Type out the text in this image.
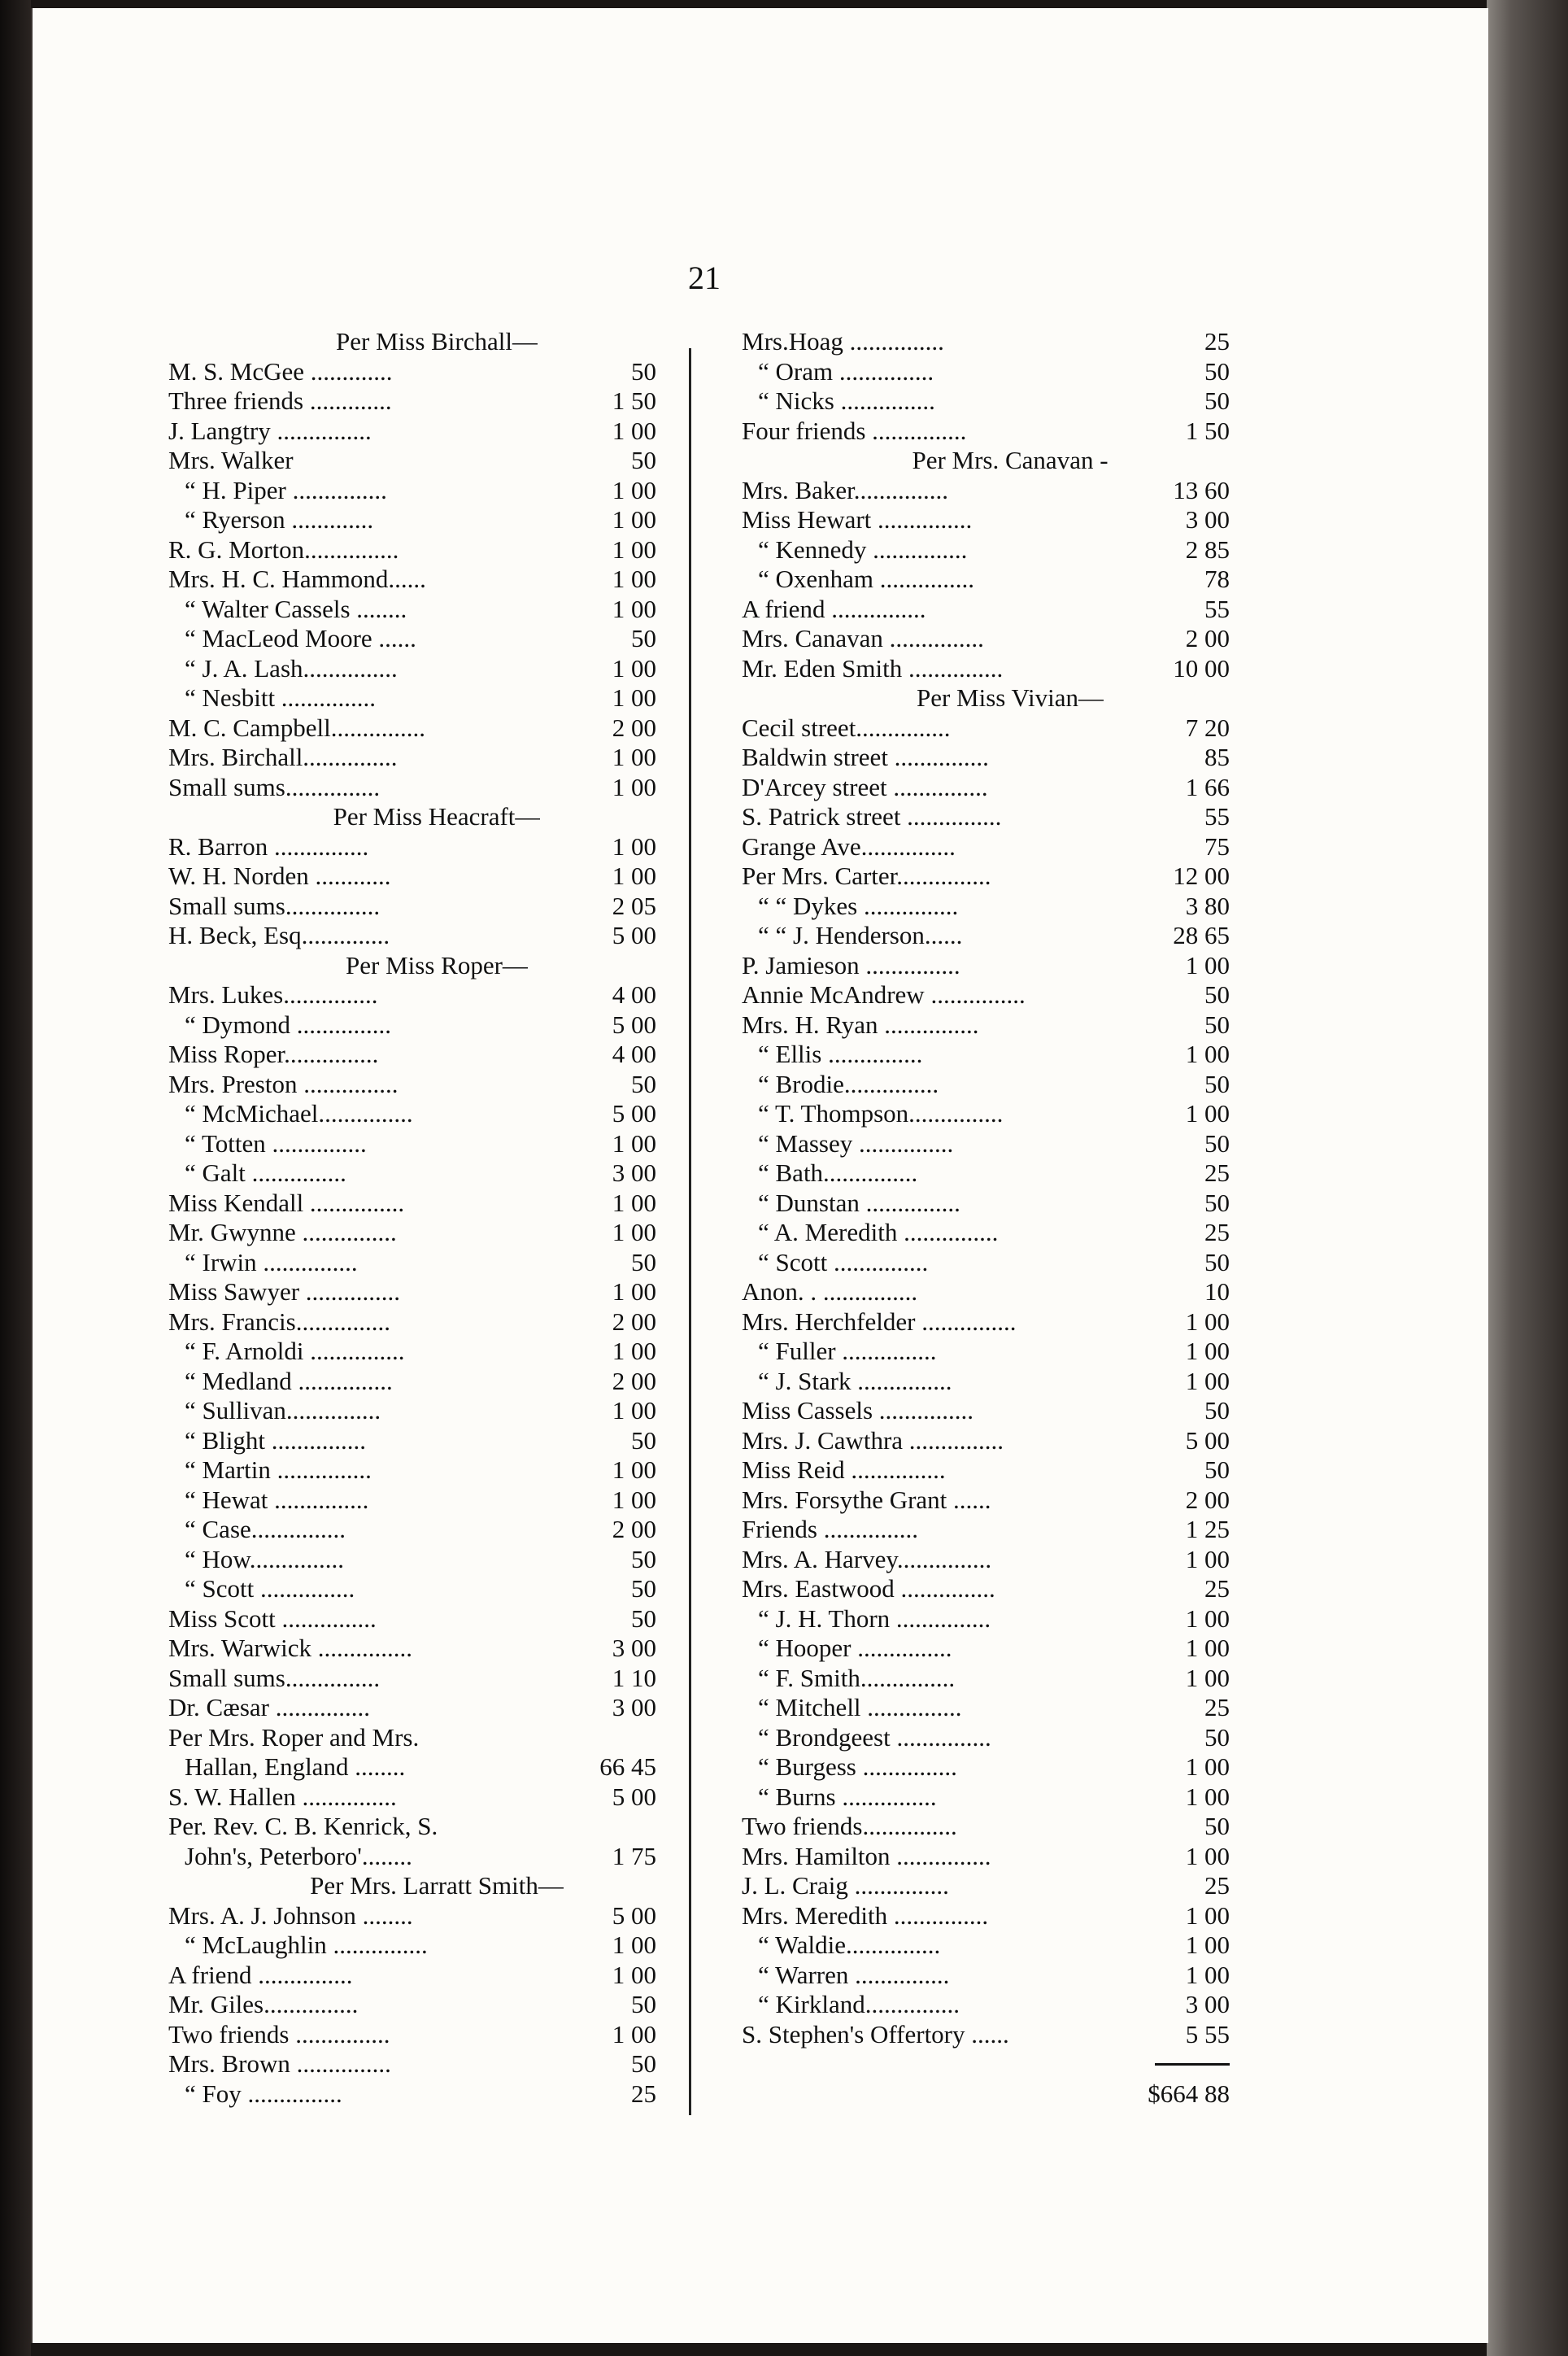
21
Per Miss Birchall—
M. S. McGee .............	50
Three friends .............	1 50
J. Langtry ...............	1 00
Mrs. Walker	50
“ H. Piper ...............	1 00
“ Ryerson .............	1 00
R. G. Morton...............	1 00
Mrs. H. C. Hammond......	1 00
“ Walter Cassels ........	1 00
“ MacLeod Moore ......	50
“ J. A. Lash...............	1 00
“ Nesbitt ...............	1 00
M. C. Campbell...............	2 00
Mrs. Birchall...............	1 00
Small sums...............	1 00
Per Miss Heacraft—
R. Barron ...............	1 00
W. H. Norden ............	1 00
Small sums...............	2 05
H. Beck, Esq..............	5 00
Per Miss Roper—
Mrs. Lukes...............	4 00
“ Dymond ...............	5 00
Miss Roper...............	4 00
Mrs. Preston ...............	50
“ McMichael...............	5 00
“ Totten ...............	1 00
“ Galt ...............	3 00
Miss Kendall ...............	1 00
Mr. Gwynne ...............	1 00
“ Irwin ...............	50
Miss Sawyer ...............	1 00
Mrs. Francis...............	2 00
“ F. Arnoldi ...............	1 00
“ Medland ...............	2 00
“ Sullivan...............	1 00
“ Blight ...............	50
“ Martin ...............	1 00
“ Hewat ...............	1 00
“ Case...............	2 00
“ How...............	50
“ Scott ...............	50
Miss Scott ...............	50
Mrs. Warwick ...............	3 00
Small sums...............	1 10
Dr. Cæsar ...............	3 00
Per Mrs. Roper and Mrs.
Hallan, England ........	66 45
S. W. Hallen ...............	5 00
Per. Rev. C. B. Kenrick, S.
John's, Peterboro'........	1 75
Per Mrs. Larratt Smith—
Mrs. A. J. Johnson ........	5 00
“ McLaughlin ...............	1 00
A friend ...............	1 00
Mr. Giles...............	50
Two friends ...............	1 00
Mrs. Brown ...............	50
“ Foy ...............	25
Mrs.Hoag ...............	25
“ Oram ...............	50
“ Nicks ...............	50
Four friends ...............	1 50
Per Mrs. Canavan -
Mrs. Baker...............	13 60
Miss Hewart ...............	3 00
“ Kennedy ...............	2 85
“ Oxenham ...............	78
A friend ...............	55
Mrs. Canavan ...............	2 00
Mr. Eden Smith ...............	10 00
Per Miss Vivian—
Cecil street...............	7 20
Baldwin street ...............	85
D'Arcey street ...............	1 66
S. Patrick street ...............	55
Grange Ave...............	75
Per Mrs. Carter...............	12 00
“ “ Dykes ...............	3 80
“ “ J. Henderson......	28 65
P. Jamieson ...............	1 00
Annie McAndrew ...............	50
Mrs. H. Ryan ...............	50
“ Ellis ...............	1 00
“ Brodie...............	50
“ T. Thompson...............	1 00
“ Massey ...............	50
“ Bath...............	25
“ Dunstan ...............	50
“ A. Meredith ...............	25
“ Scott ...............	50
Anon. . ...............	10
Mrs. Herchfelder ...............	1 00
“ Fuller ...............	1 00
“ J. Stark ...............	1 00
Miss Cassels ...............	50
Mrs. J. Cawthra ...............	5 00
Miss Reid ...............	50
Mrs. Forsythe Grant ......	2 00
Friends ...............	1 25
Mrs. A. Harvey...............	1 00
Mrs. Eastwood ...............	25
“ J. H. Thorn ...............	1 00
“ Hooper ...............	1 00
“ F. Smith...............	1 00
“ Mitchell ...............	25
“ Brondgeest ...............	50
“ Burgess ...............	1 00
“ Burns ...............	1 00
Two friends...............	50
Mrs. Hamilton ...............	1 00
J. L. Craig ...............	25
Mrs. Meredith ...............	1 00
“ Waldie...............	1 00
“ Warren ...............	1 00
“ Kirkland...............	3 00
S. Stephen's Offertory ......	5 55
$664 88
